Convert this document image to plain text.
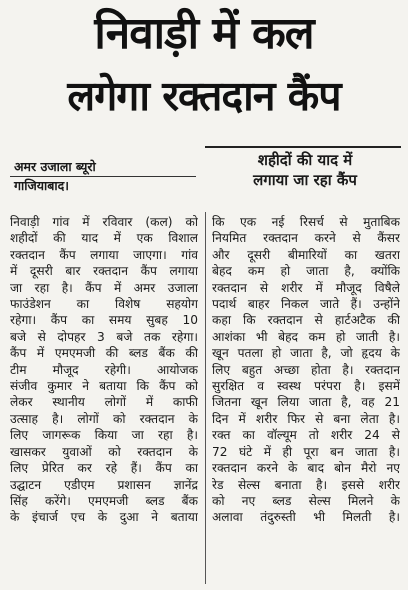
निवाड़ी में कल
लगेगा रक्तदान कैंप
अमर उजाला ब्यूरो
गाजियाबाद।
शहीदों की याद में
लगाया जा रहा कैंप
निवाड़ी गांव में रविवार (कल) को
शहीदों की याद में एक विशाल
रक्तदान कैंप लगाया जाएगा। गांव
में दूसरी बार रक्तदान कैंप लगाया
जा रहा है। कैंप में अमर उजाला
फाउंडेशन का विशेष सहयोग
रहेगा। कैंप का समय सुबह 10
बजे से दोपहर 3 बजे तक रहेगा।
कैंप में एमएमजी की ब्लड बैंक की
टीम मौजूद रहेगी। आयोजक
संजीव कुमार ने बताया कि कैंप को
लेकर स्थानीय लोगों में काफी
उत्साह है। लोगों को रक्तदान के
लिए जागरूक किया जा रहा है।
खासकर युवाओं को रक्तदान के
लिए प्रेरित कर रहे हैं। कैंप का
उद्घाटन एडीएम प्रशासन ज्ञानेंद्र
सिंह करेंगे। एमएमजी ब्लड बैंक
के इंचार्ज एच के दुआ ने बताया
कि एक नई रिसर्च से मुताबिक
नियमित रक्तदान करने से कैंसर
और दूसरी बीमारियों का खतरा
बेहद कम हो जाता है, क्योंकि
रक्तदान से शरीर में मौजूद विषैले
पदार्थ बाहर निकल जाते हैं। उन्होंने
कहा कि रक्तदान से हार्टअटैक की
आशंका भी बेहद कम हो जाती है।
खून पतला हो जाता है, जो हृदय के
लिए बहुत अच्छा होता है। रक्तदान
सुरक्षित व स्वस्थ परंपरा है। इसमें
जितना खून लिया जाता है, वह 21
दिन में शरीर फिर से बना लेता है।
रक्त का वॉल्यूम तो शरीर 24 से
72 घंटे में ही पूरा बन जाता है।
रक्तदान करने के बाद बोन मैरो नए
रेड सेल्स बनाता है। इससे शरीर
को नए ब्लड सेल्स मिलने के
अलावा तंदुरुस्ती भी मिलती है।
